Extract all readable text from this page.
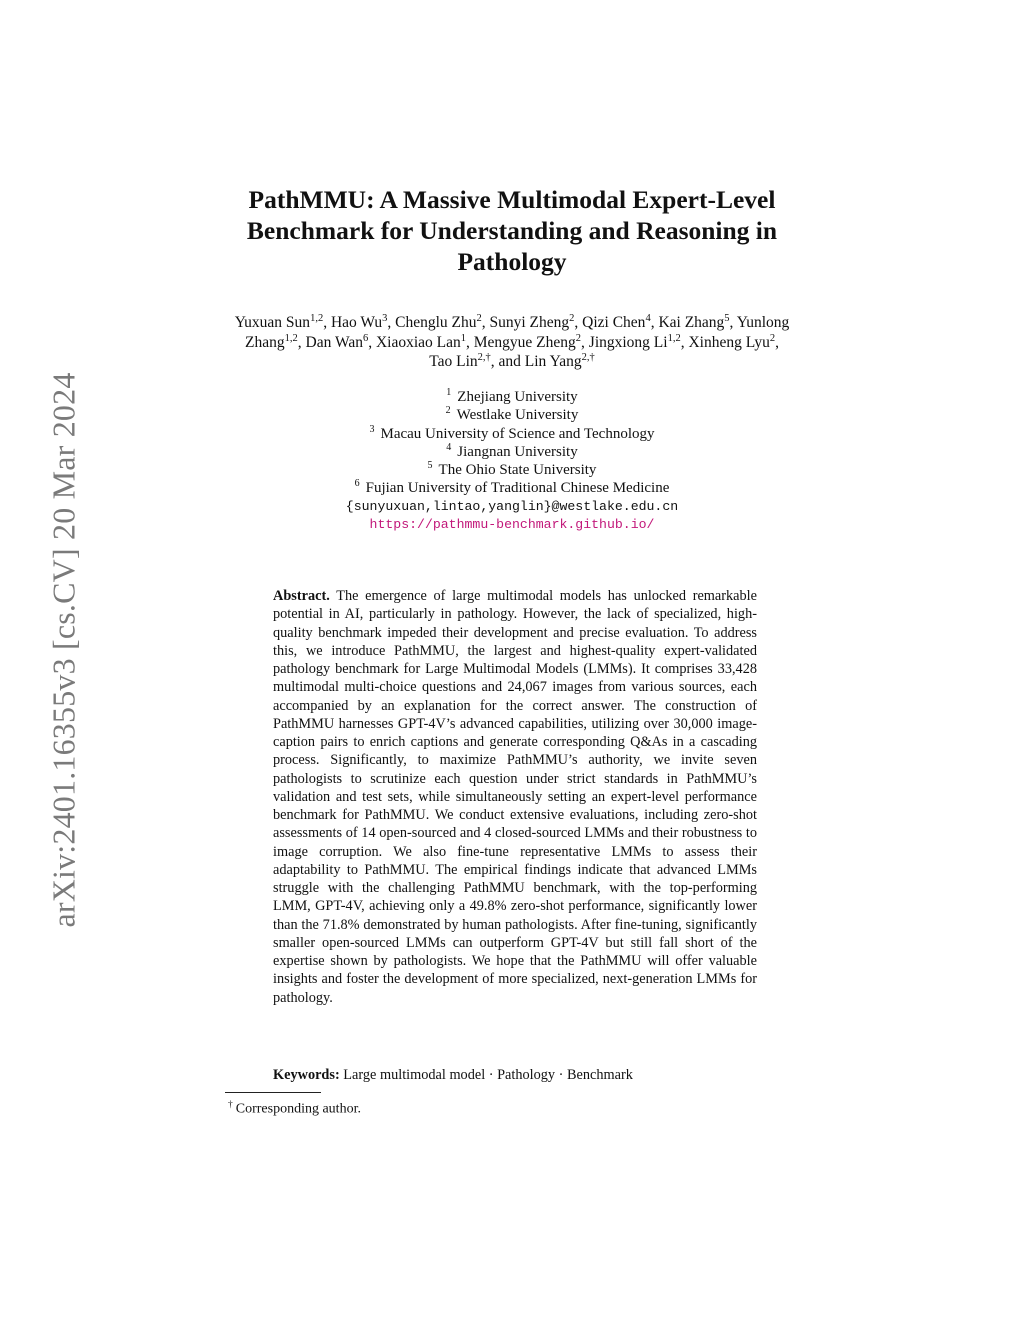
arXiv:2401.16355v3 [cs.CV] 20 Mar 2024
PathMMU: A Massive Multimodal Expert-Level
Benchmark for Understanding and Reasoning in
Pathology
Yuxuan Sun$^{1,2}$, Hao Wu$^3$, Chenglu Zhu$^2$, Sunyi Zheng$^2$, Qizi Chen$^4$, Kai Zhang$^5$, Yunlong Zhang$^{1,2}$, Dan Wan$^6$, Xiaoxiao Lan$^1$, Mengyue Zheng$^2$, Jingxiong Li$^{1,2}$, Xinheng Lyu$^2$, Tao Lin$^{2,\dagger}$, and Lin Yang$^{2,\dagger}$
$^1$ Zhejiang University
$^2$ Westlake University
$^3$ Macau University of Science and Technology
$^4$ Jiangnan University
$^5$ The Ohio State University
$^6$ Fujian University of Traditional Chinese Medicine
{sunyuxuan,lintao,yanglin}@westlake.edu.cn
https://pathmmu-benchmark.github.io/
Abstract. The emergence of large multimodal models has unlocked remarkable potential in AI, particularly in pathology. However, the lack of specialized, high-quality benchmark impeded their development and precise evaluation. To address this, we introduce PathMMU, the largest and highest-quality expert-validated pathology benchmark for Large Multimodal Models (LMMs). It comprises 33,428 multimodal multi-choice questions and 24,067 images from various sources, each accompanied by an explanation for the correct answer. The construction of PathMMU harnesses GPT-4V’s advanced capabilities, utilizing over 30,000 image-caption pairs to enrich captions and generate corresponding Q&As in a cascading process. Significantly, to maximize PathMMU’s authority, we invite seven pathologists to scrutinize each question under strict standards in PathMMU’s validation and test sets, while simultaneously setting an expert-level performance benchmark for PathMMU. We conduct extensive evaluations, including zero-shot assessments of 14 open-sourced and 4 closed-sourced LMMs and their robustness to image corruption. We also fine-tune representative LMMs to assess their adaptability to PathMMU. The empirical findings indicate that advanced LMMs struggle with the challenging PathMMU benchmark, with the top-performing LMM, GPT-4V, achieving only a 49.8% zero-shot performance, significantly lower than the 71.8% demonstrated by human pathologists. After fine-tuning, significantly smaller open-sourced LMMs can outperform GPT-4V but still fall short of the expertise shown by pathologists. We hope that the PathMMU will offer valuable insights and foster the development of more specialized, next-generation LMMs for pathology.
Keywords: Large multimodal model · Pathology · Benchmark
† Corresponding author.
